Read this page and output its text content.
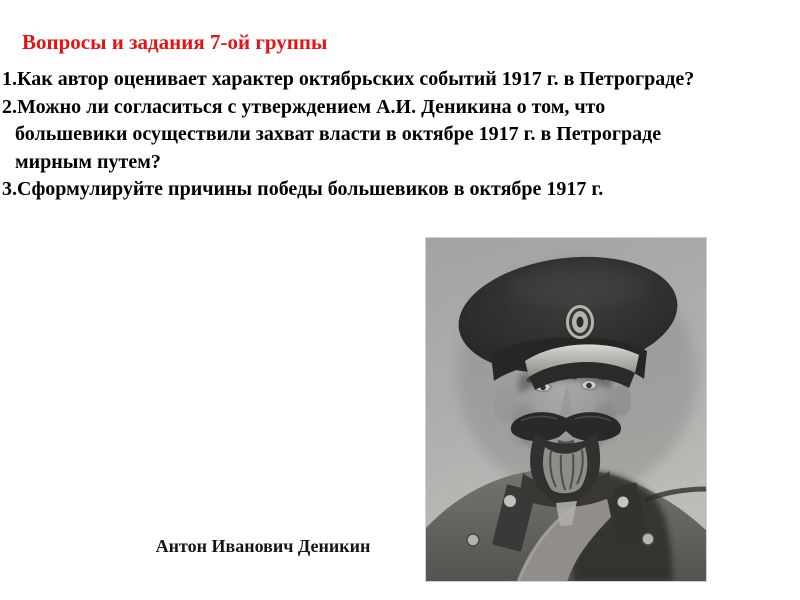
Вопросы и задания 7-ой группы

1.Как автор оценивает характер октябрьских событий 1917 г. в Петрограде?

2.Можно ли согласиться с утверждением А.И. Деникина о том, что

большевики осуществили захват власти в октябре 1917 г. в Петрограде

мирным путем?

3.Сформулируйте причины победы большевиков в октябре 1917 г.

Антон Иванович Деникин
